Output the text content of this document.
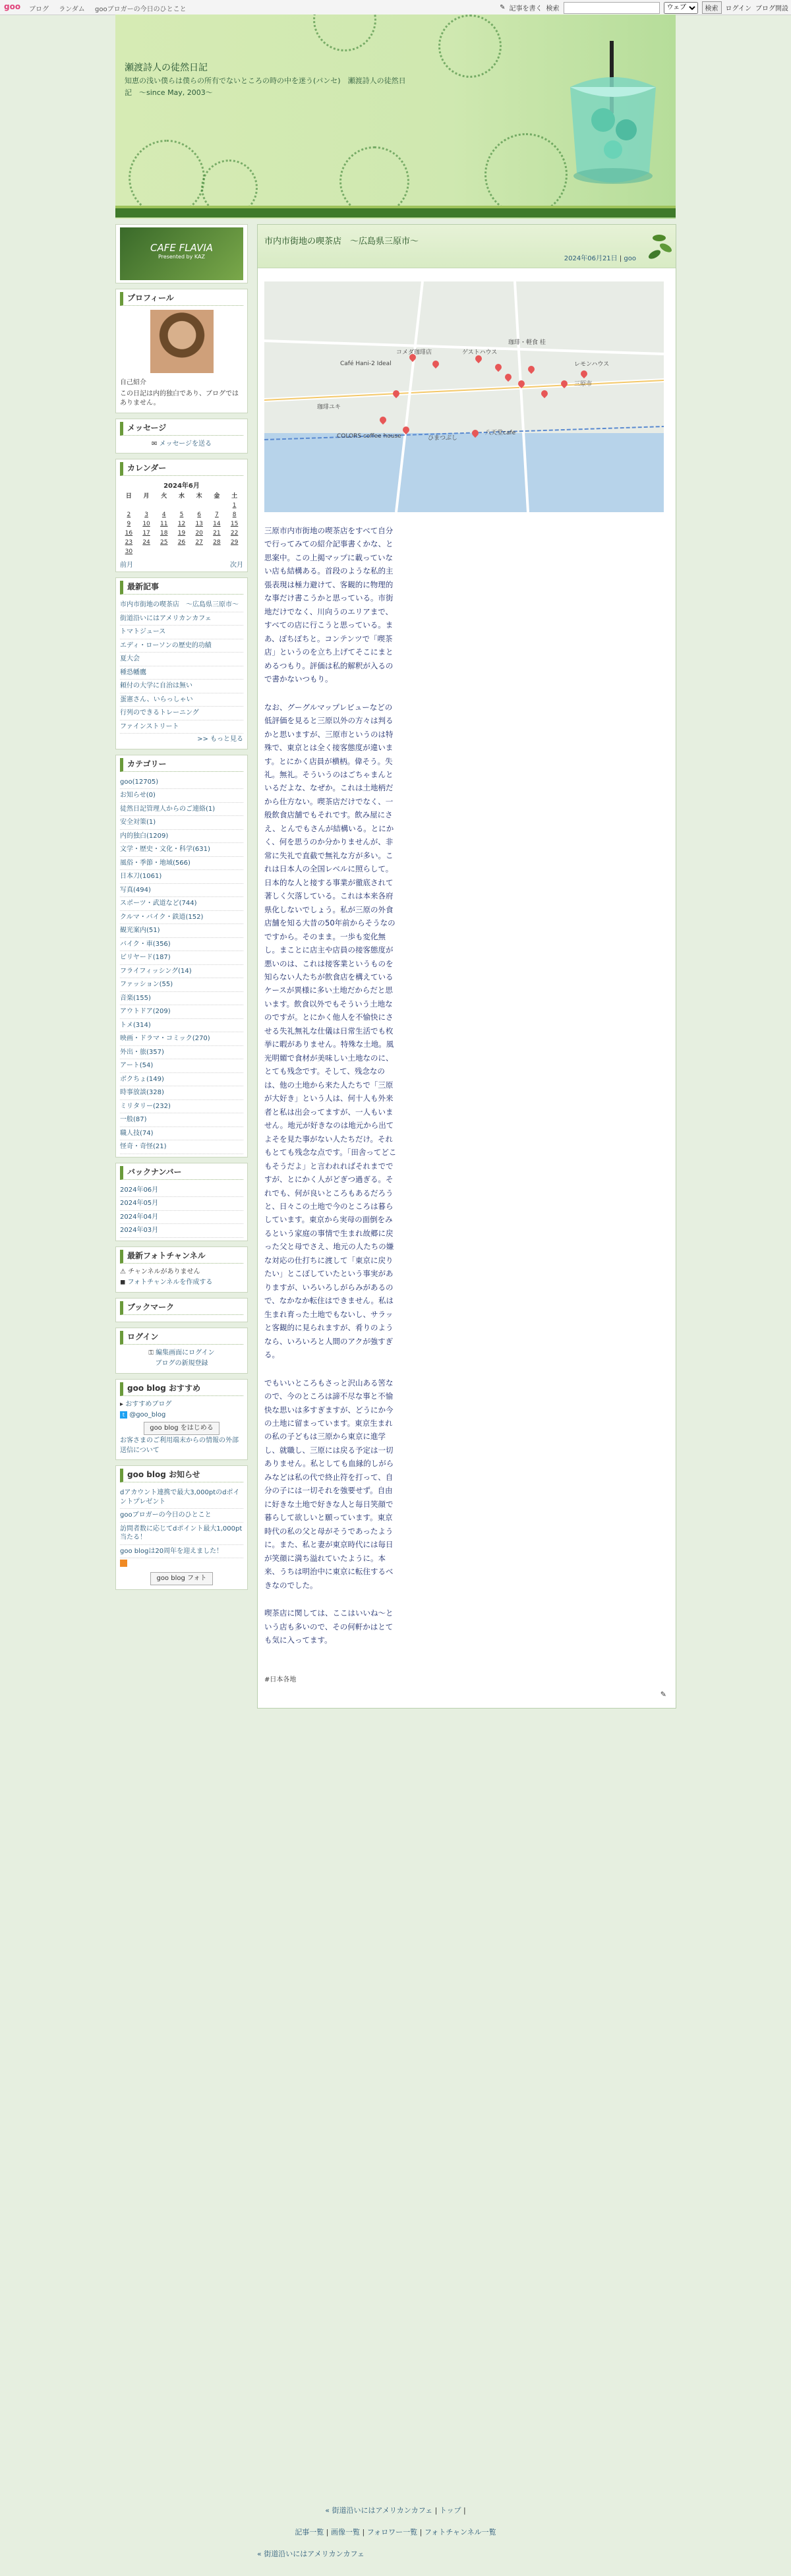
goo ブログ ランダム gooブロガーの今日のひとこと	✎ 記事を書く 検索
ウェブ	検索	ログイン ブログ開設
瀬渡詩人の徒然日記
知恵の浅い僕らは僕らの所有でないところの時の中を迷う(パンセ)　瀬渡詩人の徒然日記　〜since May, 2003〜
CAFE FLAVIA
Presented by KAZ
プロフィール

自己紹介

この日記は内的独白であり、ブログではありません。

メッセージ

✉ メッセージを送る

カレンダー
2024年6月
日	月	火	水	木	金	土
						1
2	3	4	5	6	7	8
9	10	11	12	13	14	15
16	17	18	19	20	21	22
23	24	25	26	27	28	29
30						
前月	次月
最新記事
市内市街地の喫茶店　〜広島県三原市〜
街道沿いにはアメリカンカフェ
トマトジュース
エディ・ローソンの歴史的功績
夏大会
種恐幡鷹
頼付の大学に自治は無い
蛋憲さん、いらっしゃい
行列のできるトレーニング
ファインストリート

>> もっと見る

カテゴリー
goo(12705)
お知らせ(0)
徒然日記管理人からのご連絡(1)
安全対策(1)
内的独白(1209)
文学・歴史・文化・科学(631)
風俗・季節・地域(566)
日本刀(1061)
写真(494)
スポーツ・武道など(744)
クルマ・バイク・鉄道(152)
観光案内(51)
バイク・車(356)
ビリヤード(187)
フライフィッシング(14)
ファッション(55)
音楽(155)
アウトドア(209)
トメ(314)
映画・ドラマ・コミック(270)
外出・旅(357)
アート(54)
ボクちょ(149)
時事放談(328)
ミリタリー(232)
一般(87)
職人技(74)
怪奇・奇怪(21)
バックナンバー
2024年06月
2024年05月
2024年04月
2024年03月
最新フォトチャンネル

⚠ チャンネルがありません

◼ フォトチャンネルを作成する

ブックマーク
ログイン

⚿ 編集画面にログイン

ブログの新規登録

goo blog おすすめ

▸ おすすめブログ

t @goo_blog

goo blog をはじめる

お客さまのご利用端末からの情報の外部送信について

goo blog お知らせ
dアカウント連携で最大3,000ptのdポイントプレゼント
gooブロガーの今日のひとこと
訪問者数に応じてdポイント最大1,000pt当たる！
goo blogは20周年を迎えました！

goo blog フォト

市内市街地の喫茶店　〜広島県三原市〜
2024年06月21日 | goo
コメダ珈琲店
Café Hani-2 Ideal
ゲストハウス
レモンハウス
珈琲・軽食 桂
COLORS coffee house	ひまつぶし
八天堂cafe
珈琲ユキ
三原市

三原市内市街地の喫茶店をすべて自分で行ってみての紹介記事書くかな、と思案中。この上掲マップに載っていない店も結構ある。首段のような私的主張表現は極力避けて、客観的に物理的な事だけ書こうかと思っている。市街地だけでなく、川向うのエリアまで、すべての店に行こうと思っている。まあ、ぼちぼちと。コンテンツで「喫茶店」というのを立ち上げてそこにまとめるつもり。評価は私的解釈が入るので書かないつもり。

なお、グーグルマップレビューなどの低評価を見ると三原以外の方々は判るかと思いますが、三原市というのは特殊で、東京とは全く接客態度が違います。とにかく店員が横柄。偉そう。失礼。無礼。そういうのはごちゃまんといるだよな、なぜか。これは土地柄だから仕方ない。喫茶店だけでなく、一般飲食店舗でもそれです。飲み屋にさえ、とんでもさんが結構いる。とにかく、何を思うのか分かりませんが、非常に失礼で直截で無礼な方が多い。これは日本人の全国レベルに照らして。日本的な人と接する事業が徹底されて著しく欠落している。これは本来各府県化しないでしょう。私が三原の外食店舗を知る大昔の50年前からそうなのですから。そのまま。一歩も変化無し。まことに店主や店員の接客態度が悪いのは、これは接客業というものを知らない人たちが飲食店を構えているケースが異様に多い土地だからだと思います。飲食以外でもそういう土地なのですが。とにかく他人を不愉快にさせる失礼無礼な仕儀は日常生活でも枚挙に暇がありません。特殊な土地。風光明媚で食材が美味しい土地なのに、とても残念です。そして、残念なのは、他の土地から来た人たちで「三原が大好き」という人は、何十人も外来者と私は出会ってますが、一人もいません。地元が好きなのは地元から出てよそを見た事がない人たちだけ。それもとても残念な点です。「田舎ってどこもそうだよ」と言われればそれまでですが、とにかく人がどぎつ過ぎる。それでも、何が良いところもあるだろうと、日々この土地で今のところは暮らしています。東京から実母の面倒をみるという家庭の事情で生まれ故郷に戻った父と母でさえ、地元の人たちの嫌な対応の仕打ちに渡して「東京に戻りたい」とこぼしていたという事実がありますが、いろいろしがらみがあるので、なかなか転住はできません。私は生まれ育った土地でもないし、サラッと客観的に見られますが、肴りのようなら、いろいろと人間のアクが強すぎる。

でもいいところもさっと沢山ある筈なので、今のところは諦不尽な事と不愉快な思いは多すぎますが、どうにか今の土地に留まっています。東京生まれの私の子どもは三原から東京に進学し、就職し、三原には戻る予定は一切ありません。私としても血縁的しがらみなどは私の代で終止符を打って、自分の子には一切それを強要せず。自由に好きな土地で好きな人と毎日笑顔で暮らして欲しいと願っています。東京時代の私の父と母がそうであったように。また、私と妻が東京時代には毎日が笑顔に満ち溢れていたように。本来、うちは明治中に東京に転住するべきなのでした。

喫茶店に関しては、ここはいいね〜という店も多いので、その何軒かはとても気に入ってます。

#日本各地
✎
« 街道沿いにはアメリカンカフェ | トップ |
記事一覧 | 画像一覧 | フォロワー一覧 | フォトチャンネル一覧
« 街道沿いにはアメリカンカフェ
